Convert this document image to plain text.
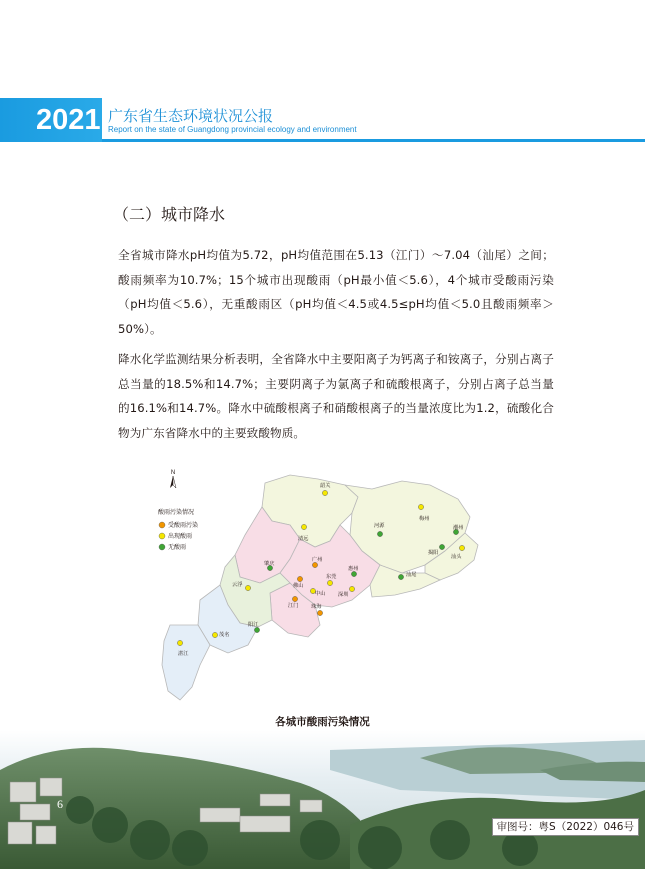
2021 广东省生态环境状况公报
Report on the state of Guangdong provincial ecology and environment
（二）城市降水

全省城市降水pH均值为5.72，pH均值范围在5.13（江门）～7.04（汕尾）之间；酸雨频率为10.7%；15个城市出现酸雨（pH最小值＜5.6），4个城市受酸雨污染（pH均值＜5.6），无重酸雨区（pH均值＜4.5或4.5≤pH均值＜5.0且酸雨频率＞50%）。

降水化学监测结果分析表明，全省降水中主要阳离子为钙离子和铵离子，分别占离子总当量的18.5%和14.7%；主要阴离子为氯离子和硫酸根离子，分别占离子总当量的16.1%和14.7%。降水中硫酸根离子和硝酸根离子的当量浓度比为1.2，硫酸化合物为广东省降水中的主要致酸物质。

N
酸雨污染情况
受酸雨污染
出现酸雨
无酸雨
韶关
河源
梅州
潮州
清远
肇庆
广州
惠州
揭阳
汕头
云浮	佛山
东莞	汕尾
江门
中山 深圳
珠海
阳江
茂名
湛江
各城市酸雨污染情况
6
审图号：粤S（2022）046号
